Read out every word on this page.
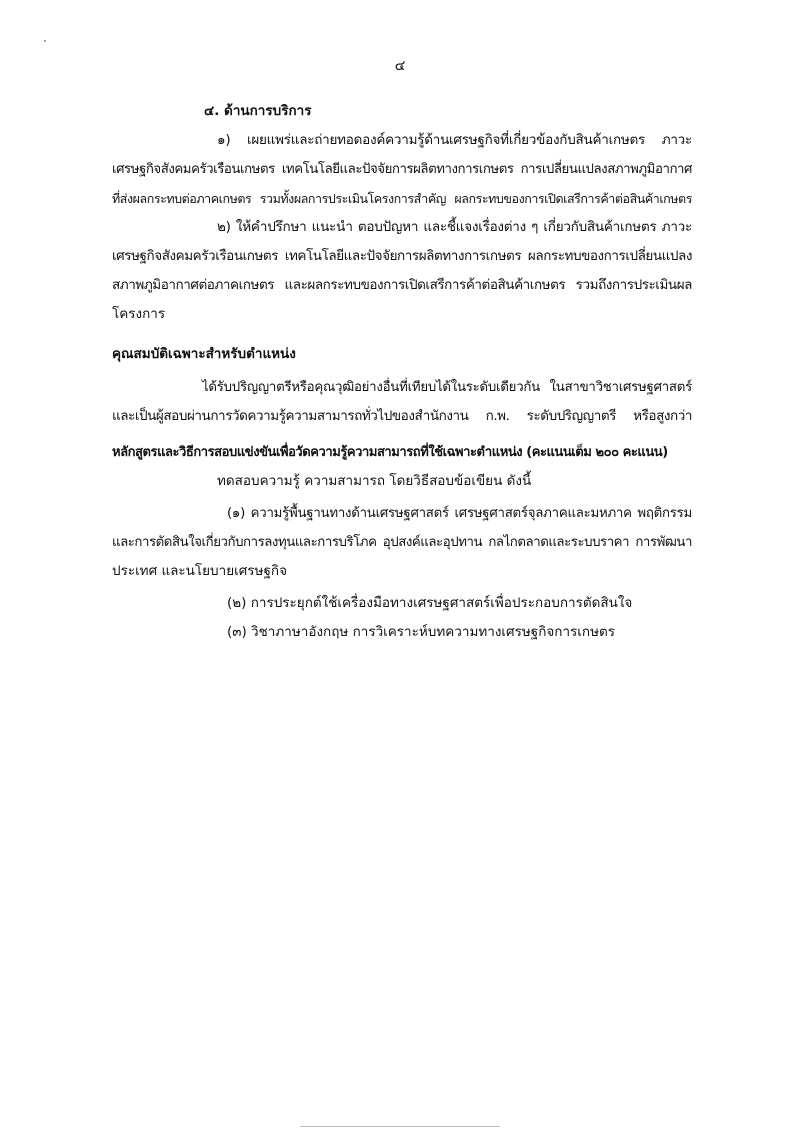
๔
๔. ด้านการบริการ
๑) เผยแพร่และถ่ายทอดองค์ความรู้ด้านเศรษฐกิจที่เกี่ยวข้องกับสินค้าเกษตร ภาวะ
เศรษฐกิจสังคมครัวเรือนเกษตร เทคโนโลยีและปัจจัยการผลิตทางการเกษตร การเปลี่ยนแปลงสภาพภูมิอากาศ
ที่ส่งผลกระทบต่อภาคเกษตร รวมทั้งผลการประเมินโครงการสำคัญ ผลกระทบของการเปิดเสรีการค้าต่อสินค้าเกษตร
๒) ให้คำปรึกษา แนะนำ ตอบปัญหา และชี้แจงเรื่องต่าง ๆ เกี่ยวกับสินค้าเกษตร ภาวะ
เศรษฐกิจสังคมครัวเรือนเกษตร เทคโนโลยีและปัจจัยการผลิตทางการเกษตร ผลกระทบของการเปลี่ยนแปลง
สภาพภูมิอากาศต่อภาคเกษตร และผลกระทบของการเปิดเสรีการค้าต่อสินค้าเกษตร รวมถึงการประเมินผล
โครงการ
คุณสมบัติเฉพาะสำหรับตำแหน่ง
ได้รับปริญญาตรีหรือคุณวุฒิอย่างอื่นที่เทียบได้ในระดับเดียวกัน ในสาขาวิชาเศรษฐศาสตร์
และเป็นผู้สอบผ่านการวัดความรู้ความสามารถทั่วไปของสำนักงาน ก.พ. ระดับปริญญาตรี หรือสูงกว่า
หลักสูตรและวิธีการสอบแข่งขันเพื่อวัดความรู้ความสามารถที่ใช้เฉพาะตำแหน่ง (คะแนนเต็ม ๒๐๐ คะแนน)
ทดสอบความรู้ ความสามารถ โดยวิธีสอบข้อเขียน ดังนี้
(๑) ความรู้พื้นฐานทางด้านเศรษฐศาสตร์ เศรษฐศาสตร์จุลภาคและมหภาค พฤติกรรม
และการตัดสินใจเกี่ยวกับการลงทุนและการบริโภค อุปสงค์และอุปทาน กลไกตลาดและระบบราคา การพัฒนา
ประเทศ และนโยบายเศรษฐกิจ
(๒) การประยุกต์ใช้เครื่องมือทางเศรษฐศาสตร์เพื่อประกอบการตัดสินใจ
(๓) วิชาภาษาอังกฤษ การวิเคราะห์บทความทางเศรษฐกิจการเกษตร
